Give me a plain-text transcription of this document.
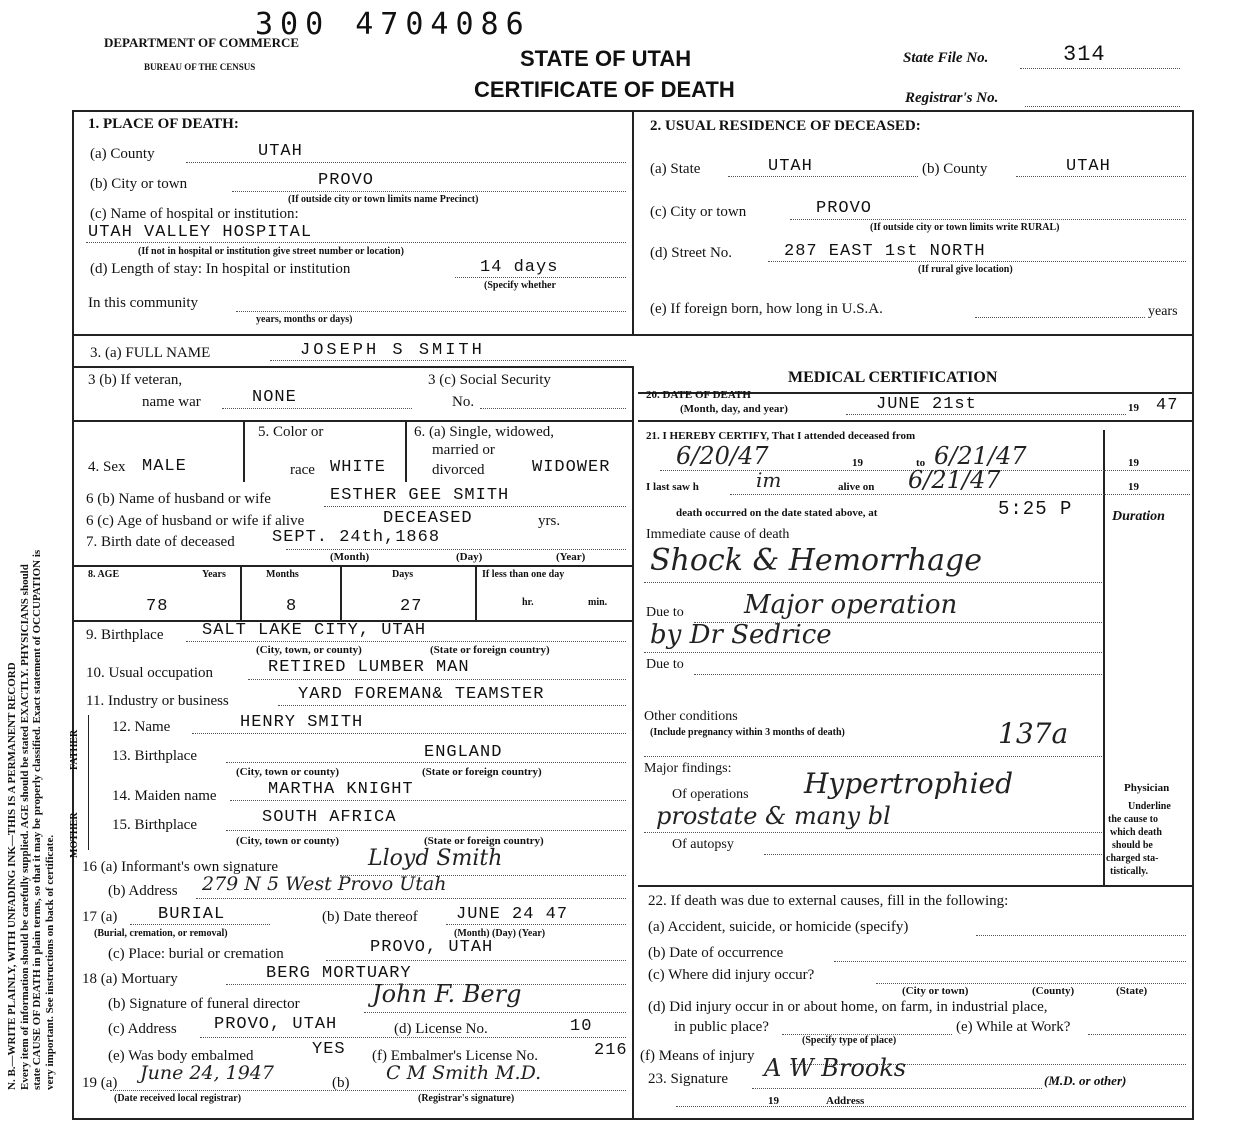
N. B.—WRITE PLAINLY, WITH UNFADING INK—THIS IS A PERMANENT RECORD Every item of information should be carefully supplied. AGE should be stated EXACTLY. PHYSICIANS should state CAUSE OF DEATH in plain terms, so that it may be properly classified. Exact statement of OCCUPATION is very important. See instructions on back of certificate.
DEPARTMENT OF COMMERCE
BUREAU OF THE CENSUS
300 4704086
STATE OF UTAH
CERTIFICATE OF DEATH
State File No.	314
Registrar's No.
1. PLACE OF DEATH:
(a) County	UTAH
(b) City or town	PROVO
(If outside city or town limits name Precinct)
(c) Name of hospital or institution:
UTAH VALLEY HOSPITAL
(If not in hospital or institution give street number or location)
(d) Length of stay: In hospital or institution	14 days
(Specify whether
In this community
years, months or days)
2. USUAL RESIDENCE OF DECEASED:
(a) State	UTAH	(b) County	UTAH
(c) City or town	PROVO
(If outside city or town limits write RURAL)
(d) Street No.	287 EAST 1st NORTH
(If rural give location)
(e) If foreign born, how long in U.S.A.	years
3. (a) FULL NAME	JOSEPH S SMITH
3 (b) If veteran,
name war	NONE
3 (c) Social Security
No.
4. Sex MALE
5. Color or
race WHITE
6. (a) Single, widowed,
married or
divorced	WIDOWER
6 (b) Name of husband or wife	ESTHER GEE SMITH
6 (c) Age of husband or wife if alive	DECEASED	yrs.
7. Birth date of deceased SEPT. 24th,1868
(Month)	(Day)	(Year)
8. AGE	Years	Months	Days	If less than one day
78	8	27	hr.	min.
9. Birthplace SALT LAKE CITY, UTAH
(City, town, or county)	(State or foreign country)
10. Usual occupation	RETIRED LUMBER MAN
11. Industry or business	YARD FOREMAN& TEAMSTER
FATHER
MOTHER
12. Name	HENRY SMITH
13. Birthplace	ENGLAND
(City, town or county)	(State or foreign country)
14. Maiden name	MARTHA KNIGHT
15. Birthplace	SOUTH AFRICA
(City, town or county)	(State or foreign country)
16 (a) Informant's own signature	Lloyd Smith
(b) Address 279 N 5 West Provo Utah
17 (a) BURIAL
(Burial, cremation, or removal)
(b) Date thereof JUNE 24 47
(Month) (Day) (Year)
(c) Place: burial or cremation	PROVO, UTAH
18 (a) Mortuary	BERG MORTUARY
(b) Signature of funeral director	John F. Berg
(c) Address PROVO, UTAH	(d) License No.	10
(e) Was body embalmed	YES (f) Embalmer's License No.	216
19 (a) June 24, 1947
(Date received local registrar)
(b) C M Smith M.D.
(Registrar's signature)
MEDICAL CERTIFICATION
20. DATE OF DEATH
(Month, day, and year)	JUNE 21st	19 47
21. I HEREBY CERTIFY, That I attended deceased from
6/20/47	19	to 6/21/47	19
I last saw h	im	alive on 6/21/47	19
death occurred on the date stated above, at	5:25 P	Duration
Immediate cause of death
Shock & Hemorrhage
Due to Major operation
by Dr Sedrice
Due to
Other conditions
(Include pregnancy within 3 months of death)	137a
Major findings:
Of operations Hypertrophied
prostate & many bl
Of autopsy
Physician
Underline
the cause to
which death
should be
charged sta-
tistically.
22. If death was due to external causes, fill in the following:
(a) Accident, suicide, or homicide (specify)
(b) Date of occurrence
(c) Where did injury occur?
(City or town)	(County)	(State)
(d) Did injury occur in or about home, on farm, in industrial place,
in public place?
(Specify type of place)
(e) While at Work?
(f) Means of injury
23. Signature A W Brooks	(M.D. or other)
19	Address
